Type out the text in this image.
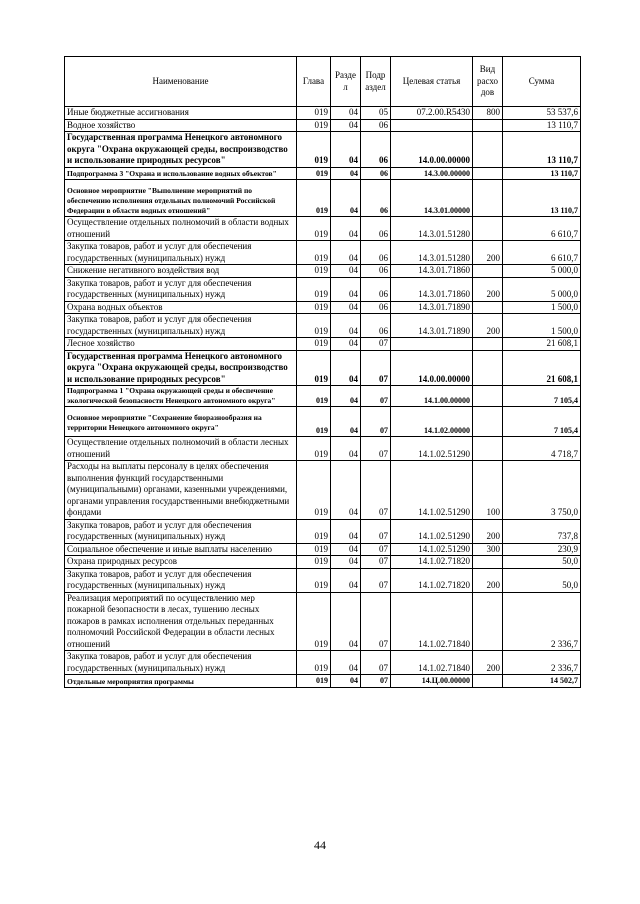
Наименование	Глава	Разде л	Подр аздел	Целевая статья	Вид расхо дов	Сумма
Иные бюджетные ассигнования	019	04	05	07.2.00.R5430	800	53 537,6
Водное хозяйство	019	04	06			13 110,7
Государственная программа Ненецкого автономного округа "Охрана окружающей среды, воспроизводство и использование природных ресурсов"	019	04	06	14.0.00.00000		13 110,7
Подпрограмма 3 "Охрана и использование водных объектов"	019	04	06	14.3.00.00000		13 110,7
Основное мероприятие "Выполнение мероприятий по обеспечению исполнения отдельных полномочий Российской Федерации в области водных отношений"	019	04	06	14.3.01.00000		13 110,7
Осуществление отдельных полномочий в области водных отношений	019	04	06	14.3.01.51280		6 610,7
Закупка товаров, работ и услуг для обеспечения государственных (муниципальных) нужд	019	04	06	14.3.01.51280	200	6 610,7
Снижение негативного воздействия вод	019	04	06	14.3.01.71860		5 000,0
Закупка товаров, работ и услуг для обеспечения государственных (муниципальных) нужд	019	04	06	14.3.01.71860	200	5 000,0
Охрана водных объектов	019	04	06	14.3.01.71890		1 500,0
Закупка товаров, работ и услуг для обеспечения государственных (муниципальных) нужд	019	04	06	14.3.01.71890	200	1 500,0
Лесное хозяйство	019	04	07			21 608,1
Государственная программа Ненецкого автономного округа "Охрана окружающей среды, воспроизводство и использование природных ресурсов"	019	04	07	14.0.00.00000		21 608,1
Подпрограмма 1 "Охрана окружающей среды и обеспечение экологической безопасности Ненецкого автономного округа"	019	04	07	14.1.00.00000		7 105,4
Основное мероприятие "Сохранение биоразнообразия на территории Ненецкого автономного округа"	019	04	07	14.1.02.00000		7 105,4
Осуществление отдельных полномочий в области лесных отношений	019	04	07	14.1.02.51290		4 718,7
Расходы на выплаты персоналу в целях обеспечения выполнения функций государственными (муниципальными) органами, казенными учреждениями, органами управления государственными внебюджетными фондами	019	04	07	14.1.02.51290	100	3 750,0
Закупка товаров, работ и услуг для обеспечения государственных (муниципальных) нужд	019	04	07	14.1.02.51290	200	737,8
Социальное обеспечение и иные выплаты населению	019	04	07	14.1.02.51290	300	230,9
Охрана природных ресурсов	019	04	07	14.1.02.71820		50,0
Закупка товаров, работ и услуг для обеспечения государственных (муниципальных) нужд	019	04	07	14.1.02.71820	200	50,0
Реализация мероприятий по осуществлению мер пожарной безопасности в лесах, тушению лесных пожаров в рамках исполнения отдельных переданных полномочий Российской Федерации в области лесных отношений	019	04	07	14.1.02.71840		2 336,7
Закупка товаров, работ и услуг для обеспечения государственных (муниципальных) нужд	019	04	07	14.1.02.71840	200	2 336,7
Отдельные мероприятия программы	019	04	07	14.Ц.00.00000		14 502,7
44
